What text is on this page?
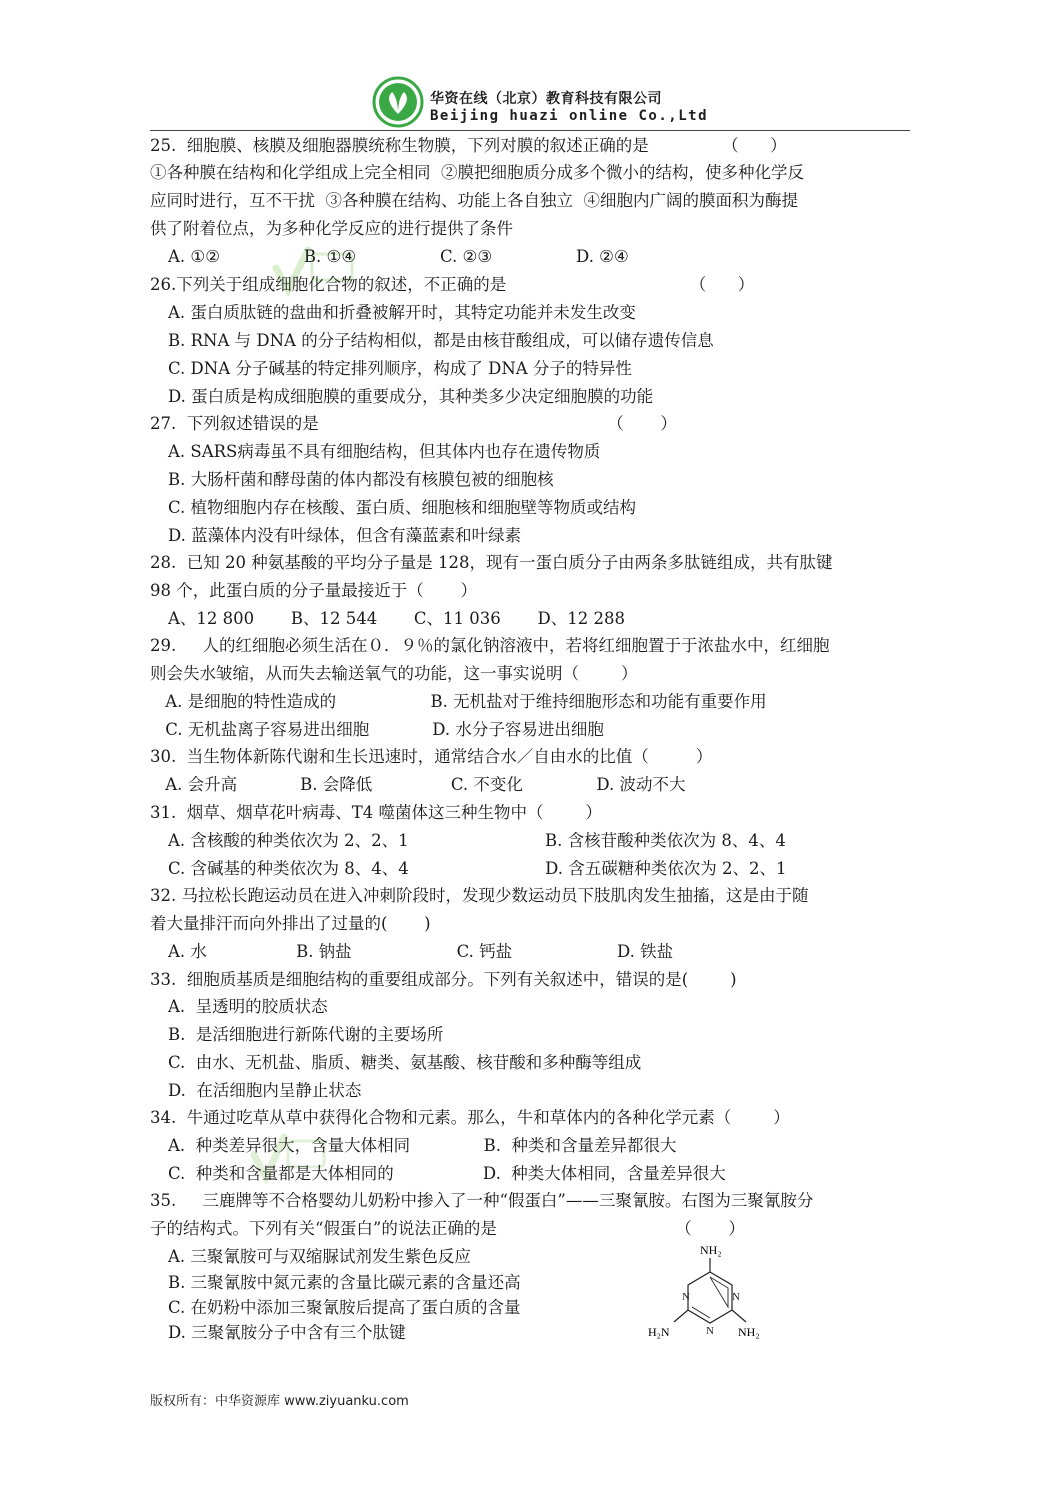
华资在线（北京）教育科技有限公司
Beijing huazi online Co.,Ltd
25.  细胞膜、核膜及细胞器膜统称生物膜，下列对膜的叙述正确的是              （      ）
①各种膜在结构和化学组成上完全相同  ②膜把细胞质分成多个微小的结构，使多种化学反
应同时进行，互不干扰  ③各种膜在结构、功能上各自独立  ④细胞内广阔的膜面积为酶提
供了附着位点，为多种化学反应的进行提供了条件
A. ①②                B. ①④                C. ②③                D. ②④
26.下列关于组成细胞化合物的叙述，不正确的是                                   （      ）
A. 蛋白质肽链的盘曲和折叠被解开时，其特定功能并未发生改变
B. RNA 与 DNA 的分子结构相似，都是由核苷酸组成，可以储存遗传信息
C. DNA 分子碱基的特定排列顺序，构成了 DNA 分子的特异性
D. 蛋白质是构成细胞膜的重要成分，其种类多少决定细胞膜的功能
27.  下列叙述错误的是                                                       （       ）
A. SARS病毒虽不具有细胞结构，但其体内也存在遗传物质
B. 大肠杆菌和酵母菌的体内都没有核膜包被的细胞核
C. 植物细胞内存在核酸、蛋白质、细胞核和细胞壁等物质或结构
D. 蓝藻体内没有叶绿体，但含有藻蓝素和叶绿素
28.  已知 20 种氨基酸的平均分子量是 128，现有一蛋白质分子由两条多肽链组成，共有肽键
98 个，此蛋白质的分子量最接近于（       ）
A、12 800       B、12 544       C、11 036       D、12 288
29.     人的红细胞必须生活在０．９％的氯化钠溶液中，若将红细胞置于于浓盐水中，红细胞
则会失水皱缩，从而失去输送氧气的功能，这一事实说明（        ）
A. 是细胞的特性造成的                  B. 无机盐对于维持细胞形态和功能有重要作用
C. 无机盐离子容易进出细胞            D. 水分子容易进出细胞
30.  当生物体新陈代谢和生长迅速时，通常结合水／自由水的比值（         ）
A. 会升高            B. 会降低               C. 不变化              D. 波动不大
31.  烟草、烟草花叶病毒、T4 噬菌体这三种生物中（        ）
A. 含核酸的种类依次为 2、2、1                          B. 含核苷酸种类依次为 8、4、4
C. 含碱基的种类依次为 8、4、4                          D. 含五碳糖种类依次为 2、2、1
32. 马拉松长跑运动员在进入冲刺阶段时，发现少数运动员下肢肌肉发生抽搐，这是由于随
着大量排汗而向外排出了过量的(       )
A. 水                 B. 钠盐                    C. 钙盐                    D. 铁盐
33.  细胞质基质是细胞结构的重要组成部分。下列有关叙述中，错误的是(        )
A.  呈透明的胶质状态
B.  是活细胞进行新陈代谢的主要场所
C.  由水、无机盐、脂质、糖类、氨基酸、核苷酸和多种酶等组成
D.  在活细胞内呈静止状态
34.  牛通过吃草从草中获得化合物和元素。那么，牛和草体内的各种化学元素（        ）
A.  种类差异很大，含量大体相同              B.  种类和含量差异都很大
C.  种类和含量都是大体相同的                 D.  种类大体相同，含量差异很大
35.     三鹿牌等不合格婴幼儿奶粉中掺入了一种“假蛋白”——三聚氰胺。右图为三聚氰胺分
子的结构式。下列有关“假蛋白”的说法正确的是                                  （       ）
A. 三聚氰胺可与双缩脲试剂发生紫色反应
B. 三聚氰胺中氮元素的含量比碳元素的含量还高
C. 在奶粉中添加三聚氰胺后提高了蛋白质的含量
D. 三聚氰胺分子中含有三个肽键
NH₂
N	N
N
H₂N	NH₂
版权所有：中华资源库 www.ziyuanku.com
